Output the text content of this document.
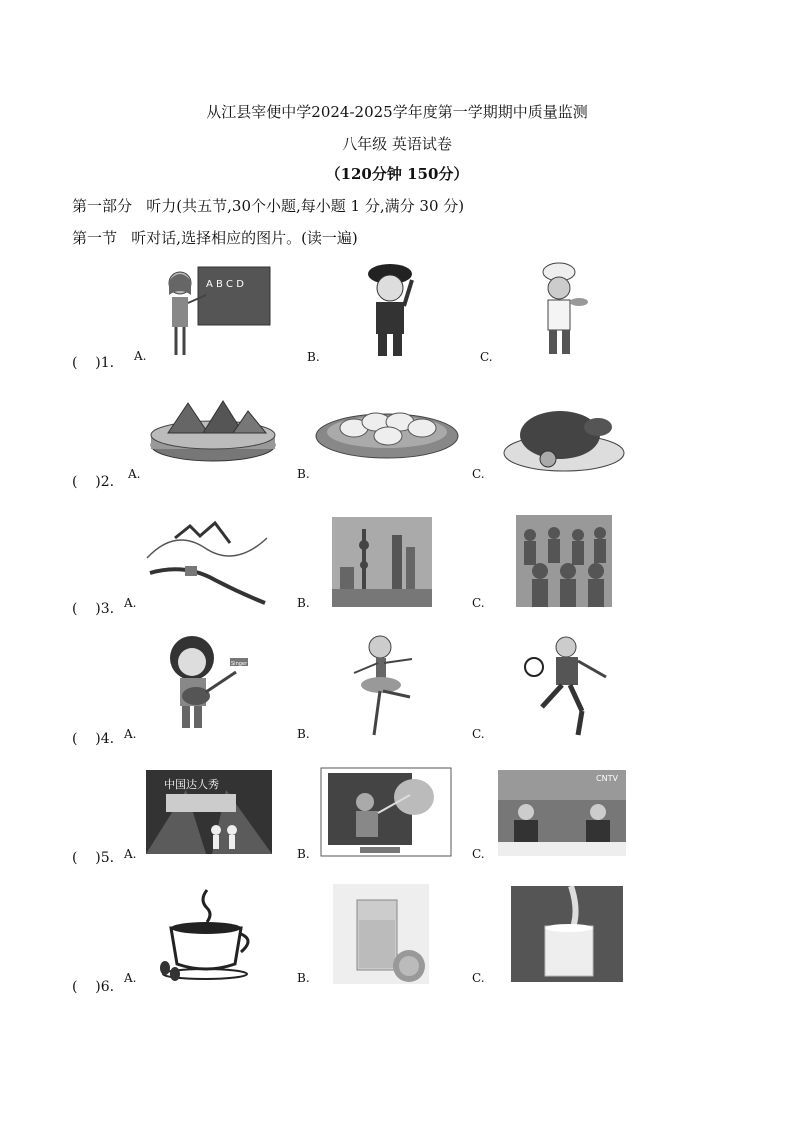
从江县宰便中学2024-2025学年度第一学期期中质量监测
八年级 英语试卷
（120分钟 150分）
第一部分   听力(共五节,30个小题,每小题 1 分,满分 30 分)
第一节   听对话,选择相应的图片。(读一遍)
(    )1. A.	B.	C.
A B C D
(    )2. A.	B.	C.
(    )3. A.	B.	C.
(    )4. A.	B.	C.
Singer
(    )5. A.	B.	C.
中国达人秀	CNTV
(    )6.
A.	B.	C.
